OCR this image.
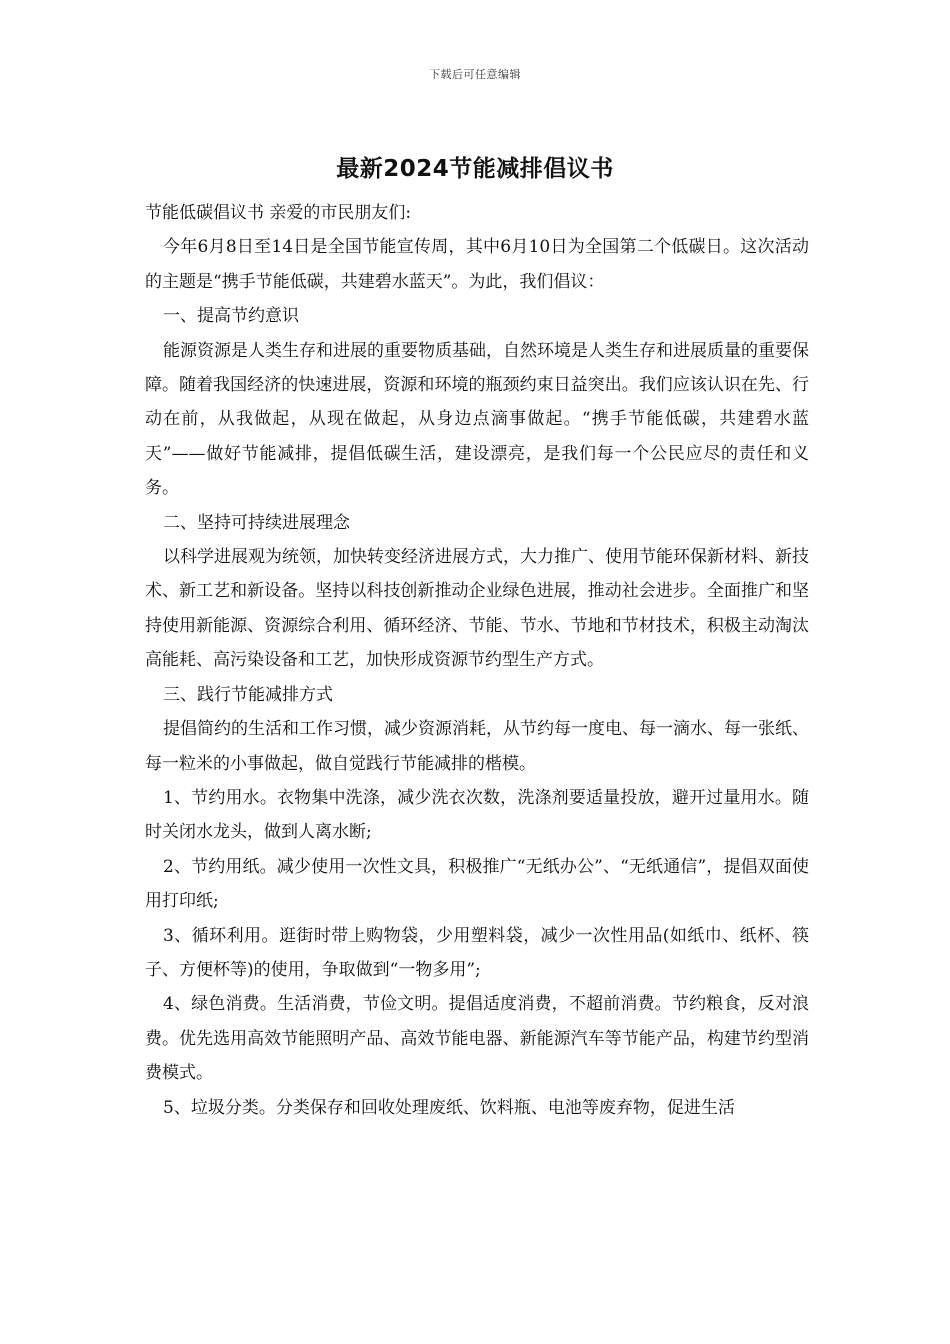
下载后可任意编辑
最新2024节能减排倡议书

节能低碳倡议书 亲爱的市民朋友们:

今年6月8日至14日是全国节能宣传周，其中6月10日为全国第二个低碳日。这次活动的主题是“携手节能低碳，共建碧水蓝天”。为此，我们倡议：

一、提高节约意识

能源资源是人类生存和进展的重要物质基础，自然环境是人类生存和进展质量的重要保障。随着我国经济的快速进展，资源和环境的瓶颈约束日益突出。我们应该认识在先、行动在前，从我做起，从现在做起，从身边点滴事做起。“携手节能低碳，共建碧水蓝天”——做好节能减排，提倡低碳生活，建设漂亮，是我们每一个公民应尽的责任和义务。

二、坚持可持续进展理念

以科学进展观为统领，加快转变经济进展方式，大力推广、使用节能环保新材料、新技术、新工艺和新设备。坚持以科技创新推动企业绿色进展，推动社会进步。全面推广和坚持使用新能源、资源综合利用、循环经济、节能、节水、节地和节材技术，积极主动淘汰高能耗、高污染设备和工艺，加快形成资源节约型生产方式。

三、践行节能减排方式

提倡简约的生活和工作习惯，减少资源消耗，从节约每一度电、每一滴水、每一张纸、每一粒米的小事做起，做自觉践行节能减排的楷模。

1、节约用水。衣物集中洗涤，减少洗衣次数，洗涤剂要适量投放，避开过量用水。随时关闭水龙头，做到人离水断;

2、节约用纸。减少使用一次性文具，积极推广“无纸办公”、“无纸通信”，提倡双面使用打印纸;

3、循环利用。逛街时带上购物袋，少用塑料袋，减少一次性用品(如纸巾、纸杯、筷子、方便杯等)的使用，争取做到“一物多用”;

4、绿色消费。生活消费，节俭文明。提倡适度消费，不超前消费。节约粮食，反对浪费。优先选用高效节能照明产品、高效节能电器、新能源汽车等节能产品，构建节约型消费模式。

5、垃圾分类。分类保存和回收处理废纸、饮料瓶、电池等废弃物，促进生活
